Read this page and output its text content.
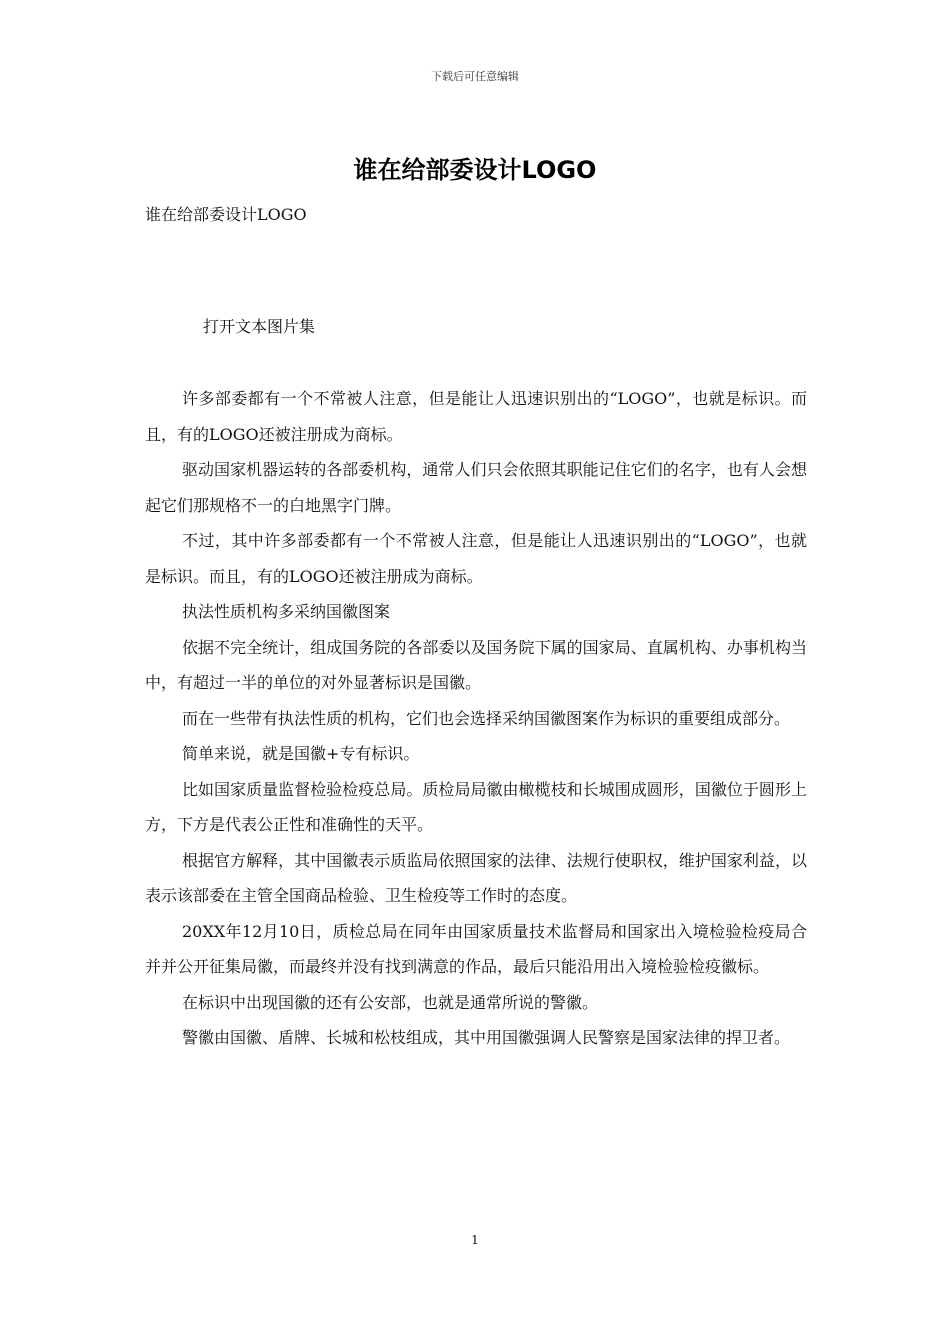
下载后可任意编辑
谁在给部委设计LOGO
谁在给部委设计LOGO
打开文本图片集

许多部委都有一个不常被人注意，但是能让人迅速识别出的“LOGO”，也就是标识。而且，有的LOGO还被注册成为商标。

驱动国家机器运转的各部委机构，通常人们只会依照其职能记住它们的名字，也有人会想起它们那规格不一的白地黑字门牌。

不过，其中许多部委都有一个不常被人注意，但是能让人迅速识别出的“LOGO”，也就是标识。而且，有的LOGO还被注册成为商标。

执法性质机构多采纳国徽图案

依据不完全统计，组成国务院的各部委以及国务院下属的国家局、直属机构、办事机构当中，有超过一半的单位的对外显著标识是国徽。

而在一些带有执法性质的机构，它们也会选择采纳国徽图案作为标识的重要组成部分。

简单来说，就是国徽+专有标识。

比如国家质量监督检验检疫总局。质检局局徽由橄榄枝和长城围成圆形，国徽位于圆形上方，下方是代表公正性和准确性的天平。

根据官方解释，其中国徽表示质监局依照国家的法律、法规行使职权，维护国家利益，以表示该部委在主管全国商品检验、卫生检疫等工作时的态度。

20XX年12月10日，质检总局在同年由国家质量技术监督局和国家出入境检验检疫局合并并公开征集局徽，而最终并没有找到满意的作品，最后只能沿用出入境检验检疫徽标。

在标识中出现国徽的还有公安部，也就是通常所说的警徽。

警徽由国徽、盾牌、长城和松枝组成，其中用国徽强调人民警察是国家法律的捍卫者。

1
